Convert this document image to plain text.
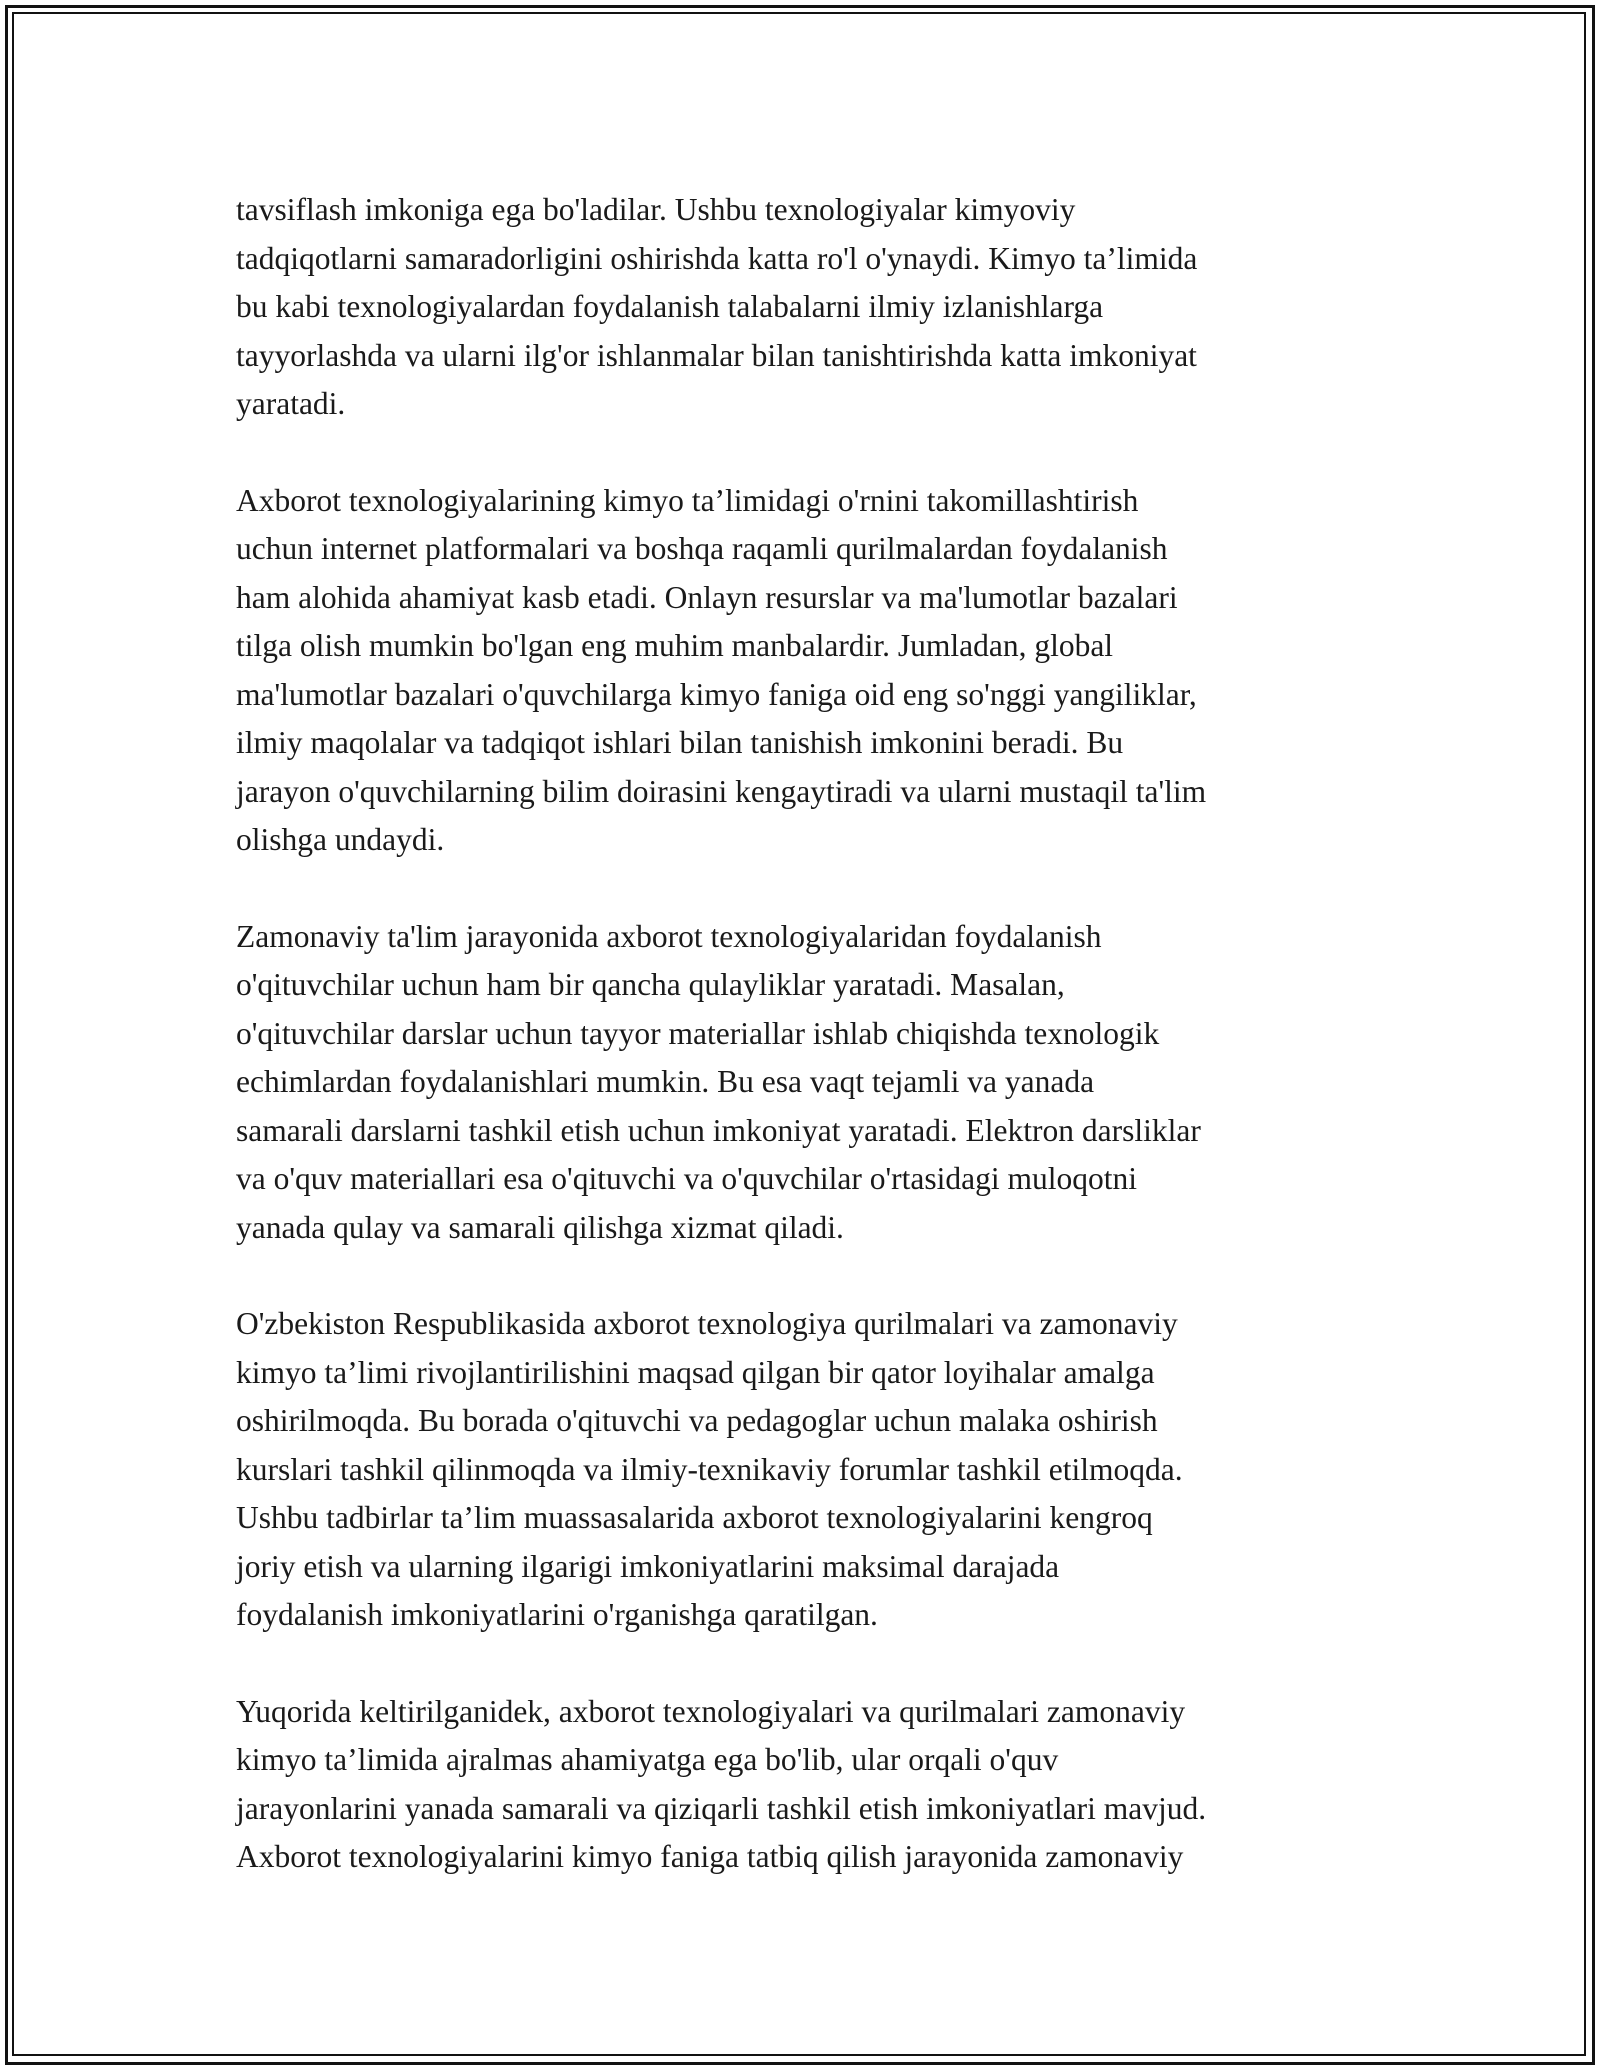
tavsiflash imkoniga ega bo'ladilar. Ushbu texnologiyalar kimyoviy
tadqiqotlarni samaradorligini oshirishda katta ro'l o'ynaydi. Kimyo ta’limida
bu kabi texnologiyalardan foydalanish talabalarni ilmiy izlanishlarga
tayyorlashda va ularni ilg'or ishlanmalar bilan tanishtirishda katta imkoniyat
yaratadi.

Axborot texnologiyalarining kimyo ta’limidagi o'rnini takomillashtirish
uchun internet platformalari va boshqa raqamli qurilmalardan foydalanish
ham alohida ahamiyat kasb etadi. Onlayn resurslar va ma'lumotlar bazalari
tilga olish mumkin bo'lgan eng muhim manbalardir. Jumladan, global
ma'lumotlar bazalari o'quvchilarga kimyo faniga oid eng so'nggi yangiliklar,
ilmiy maqolalar va tadqiqot ishlari bilan tanishish imkonini beradi. Bu
jarayon o'quvchilarning bilim doirasini kengaytiradi va ularni mustaqil ta'lim
olishga undaydi.

Zamonaviy ta'lim jarayonida axborot texnologiyalaridan foydalanish
o'qituvchilar uchun ham bir qancha qulayliklar yaratadi. Masalan,
o'qituvchilar darslar uchun tayyor materiallar ishlab chiqishda texnologik
echimlardan foydalanishlari mumkin. Bu esa vaqt tejamli va yanada
samarali darslarni tashkil etish uchun imkoniyat yaratadi. Elektron darsliklar
va o'quv materiallari esa o'qituvchi va o'quvchilar o'rtasidagi muloqotni
yanada qulay va samarali qilishga xizmat qiladi.

O'zbekiston Respublikasida axborot texnologiya qurilmalari va zamonaviy
kimyo ta’limi rivojlantirilishini maqsad qilgan bir qator loyihalar amalga
oshirilmoqda. Bu borada o'qituvchi va pedagoglar uchun malaka oshirish
kurslari tashkil qilinmoqda va ilmiy-texnikaviy forumlar tashkil etilmoqda.
Ushbu tadbirlar ta’lim muassasalarida axborot texnologiyalarini kengroq
joriy etish va ularning ilgarigi imkoniyatlarini maksimal darajada
foydalanish imkoniyatlarini o'rganishga qaratilgan.

Yuqorida keltirilganidek, axborot texnologiyalari va qurilmalari zamonaviy
kimyo ta’limida ajralmas ahamiyatga ega bo'lib, ular orqali o'quv
jarayonlarini yanada samarali va qiziqarli tashkil etish imkoniyatlari mavjud.
Axborot texnologiyalarini kimyo faniga tatbiq qilish jarayonida zamonaviy
